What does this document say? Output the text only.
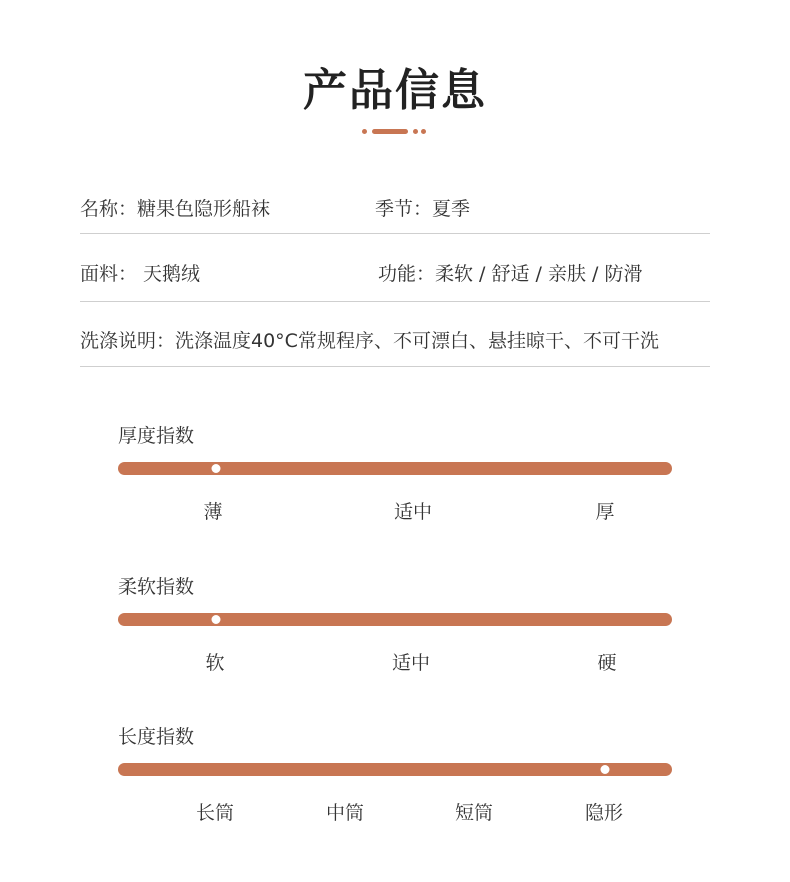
产品信息
名称：糖果色隐形船袜	季节：夏季
面料： 天鹅绒	功能：柔软 / 舒适 / 亲肤 / 防滑
洗涤说明：洗涤温度40°C常规程序、不可漂白、悬挂晾干、不可干洗
厚度指数
薄	适中	厚
柔软指数
软	适中	硬
长度指数
长筒	中筒	短筒	隐形
